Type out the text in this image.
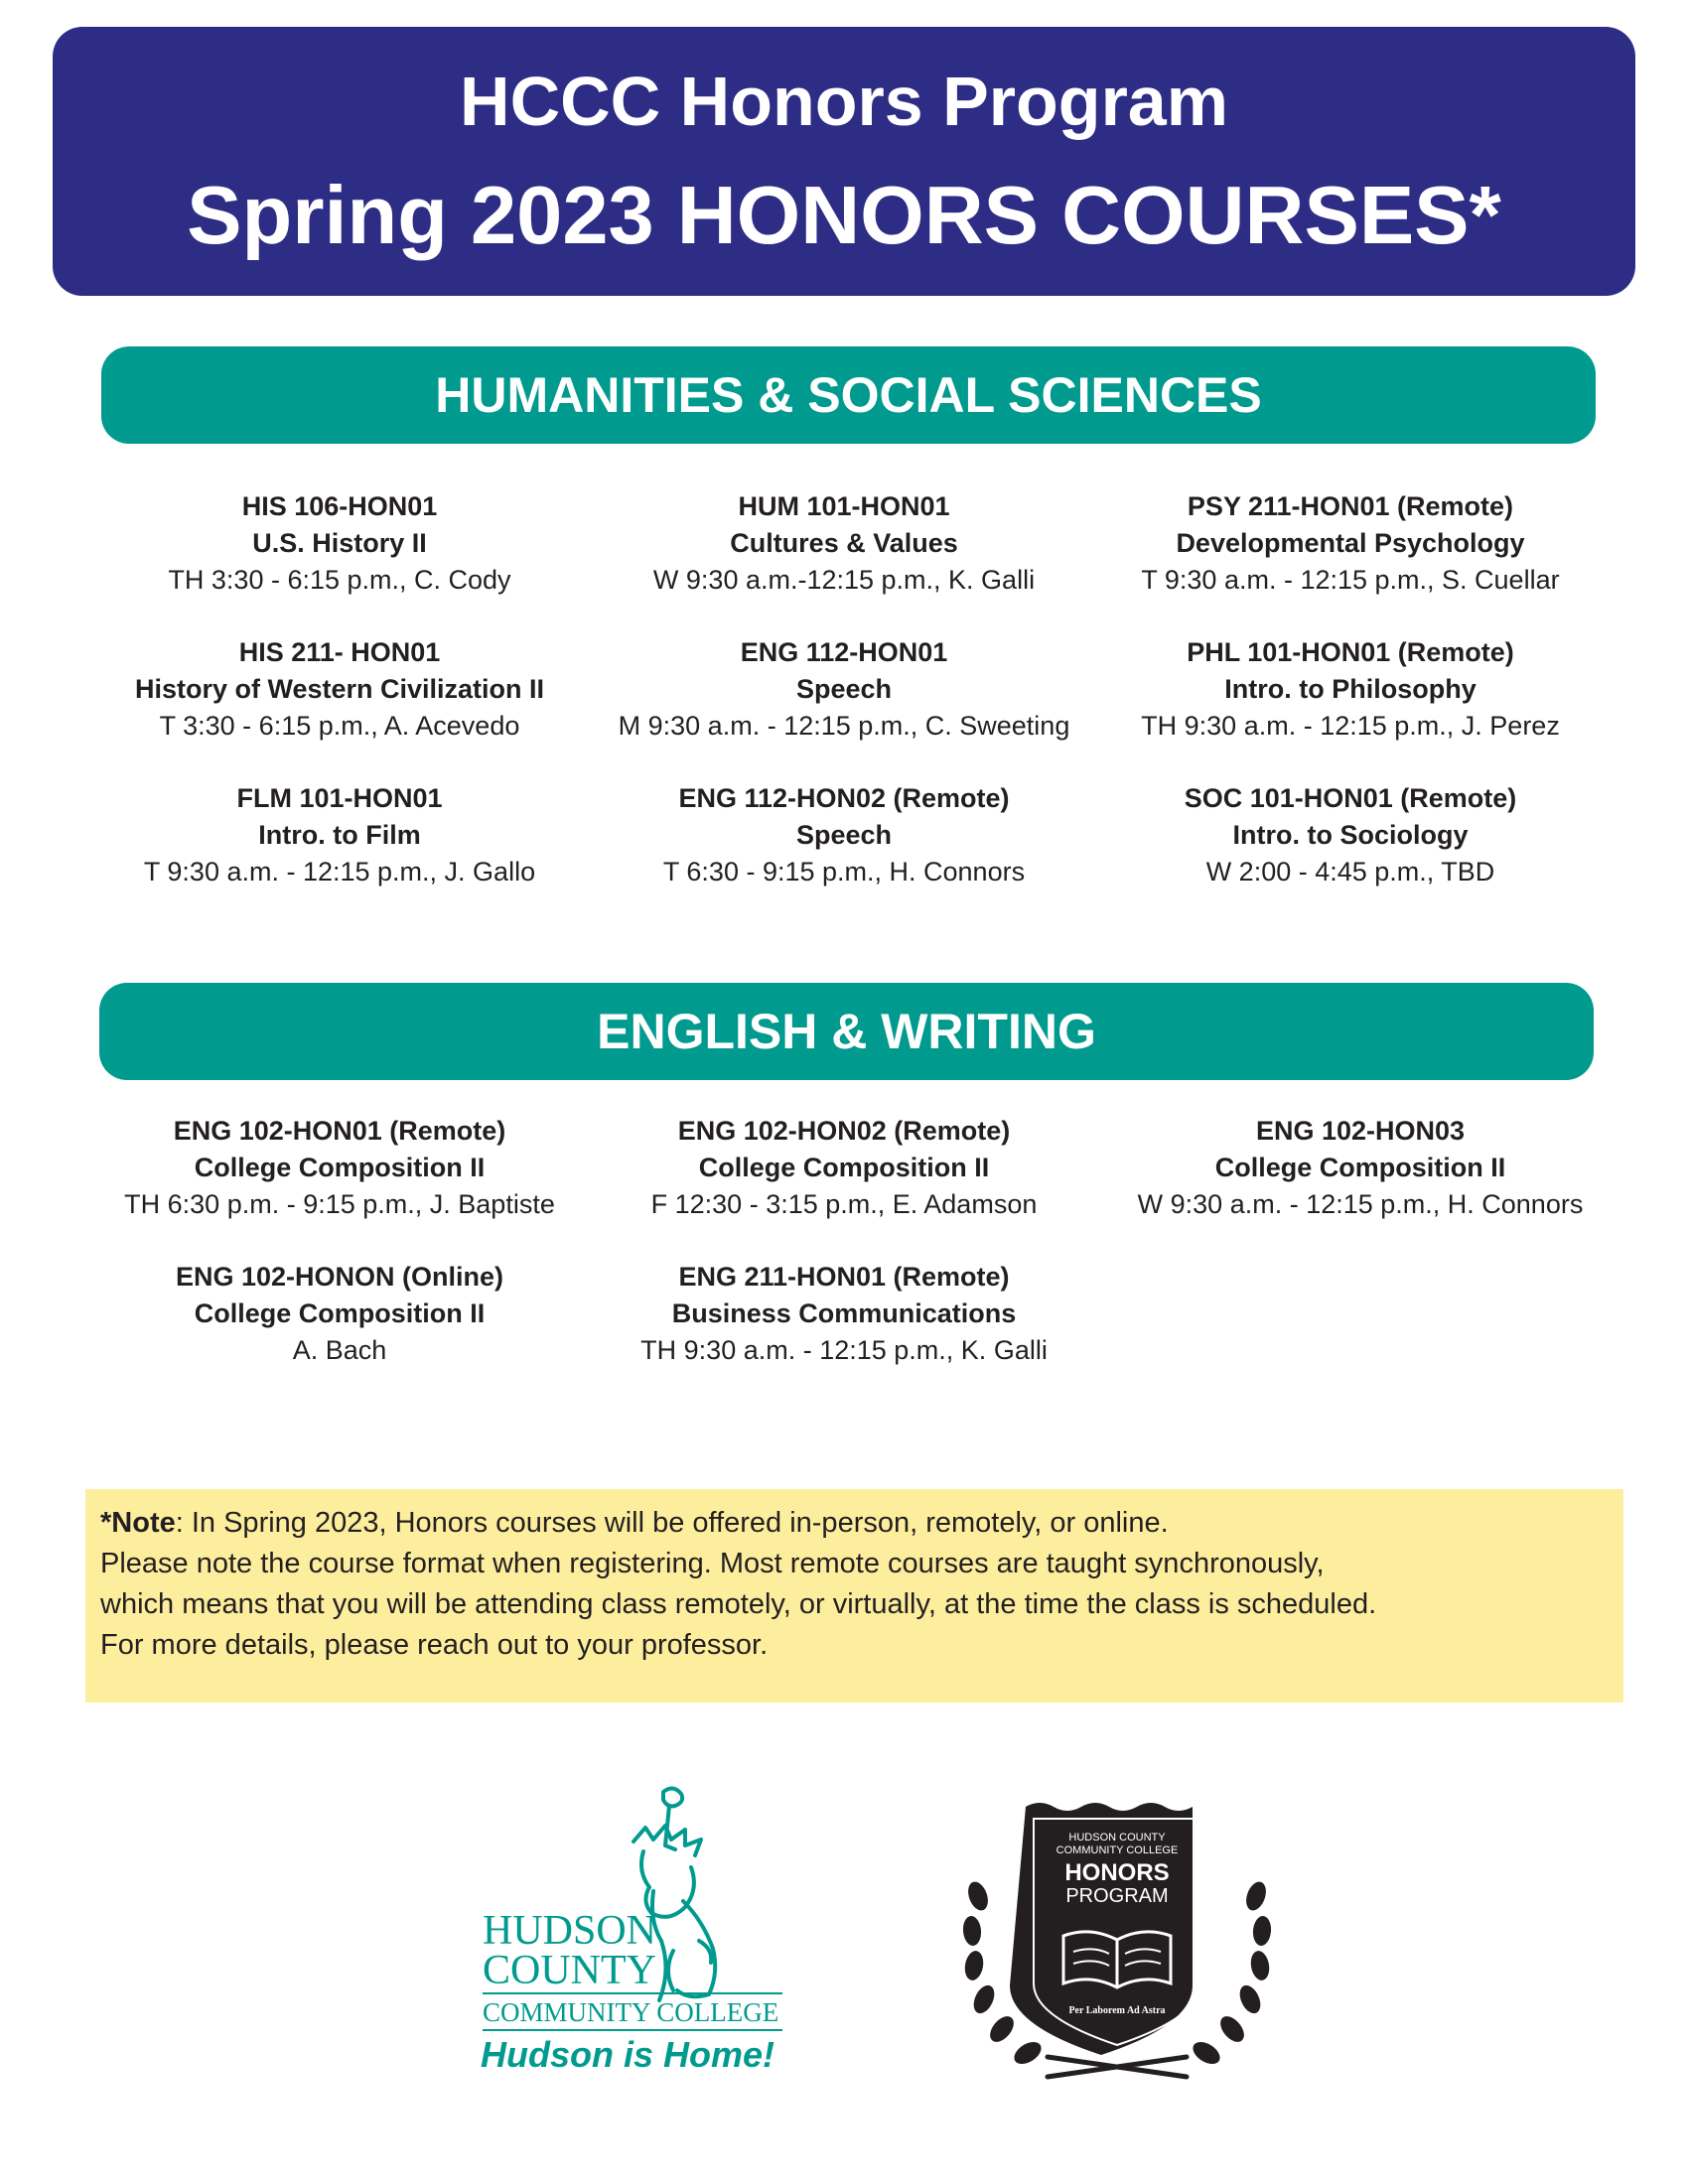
HCCC Honors Program
Spring 2023 HONORS COURSES*
HUMANITIES & SOCIAL SCIENCES
HIS 106-HON01
U.S. History II
TH 3:30 - 6:15 p.m., C. Cody
HUM 101-HON01
Cultures & Values
W 9:30 a.m.-12:15 p.m., K. Galli
PSY 211-HON01 (Remote)
Developmental Psychology
T 9:30 a.m. - 12:15 p.m., S. Cuellar
HIS 211- HON01
History of Western Civilization II
T 3:30 - 6:15 p.m., A. Acevedo
ENG 112-HON01
Speech
M 9:30 a.m. - 12:15 p.m., C. Sweeting
PHL 101-HON01 (Remote)
Intro. to Philosophy
TH 9:30 a.m. - 12:15 p.m., J. Perez
FLM 101-HON01
Intro. to Film
T 9:30 a.m. - 12:15 p.m., J. Gallo
ENG 112-HON02 (Remote)
Speech
T 6:30 - 9:15 p.m., H. Connors
SOC 101-HON01 (Remote)
Intro. to Sociology
W 2:00 - 4:45 p.m., TBD
ENGLISH & WRITING
ENG 102-HON01 (Remote)
College Composition II
TH 6:30 p.m. - 9:15 p.m., J. Baptiste
ENG 102-HON02 (Remote)
College Composition II
F 12:30 - 3:15 p.m., E. Adamson
ENG 102-HON03
College Composition II
W 9:30 a.m. - 12:15 p.m., H. Connors
ENG 102-HONON (Online)
College Composition II
A. Bach
ENG 211-HON01 (Remote)
Business Communications
TH 9:30 a.m. - 12:15 p.m., K. Galli
*Note: In Spring 2023, Honors courses will be offered in-person, remotely, or online.
Please note the course format when registering. Most remote courses are taught synchronously,
which means that you will be attending class remotely, or virtually, at the time the class is scheduled.
For more details, please reach out to your professor.
HUDSON
COUNTY
COMMUNITY COLLEGE
Hudson is Home!
HUDSON COUNTY
COMMUNITY COLLEGE
HONORS
PROGRAM
Per Laborem Ad Astra
